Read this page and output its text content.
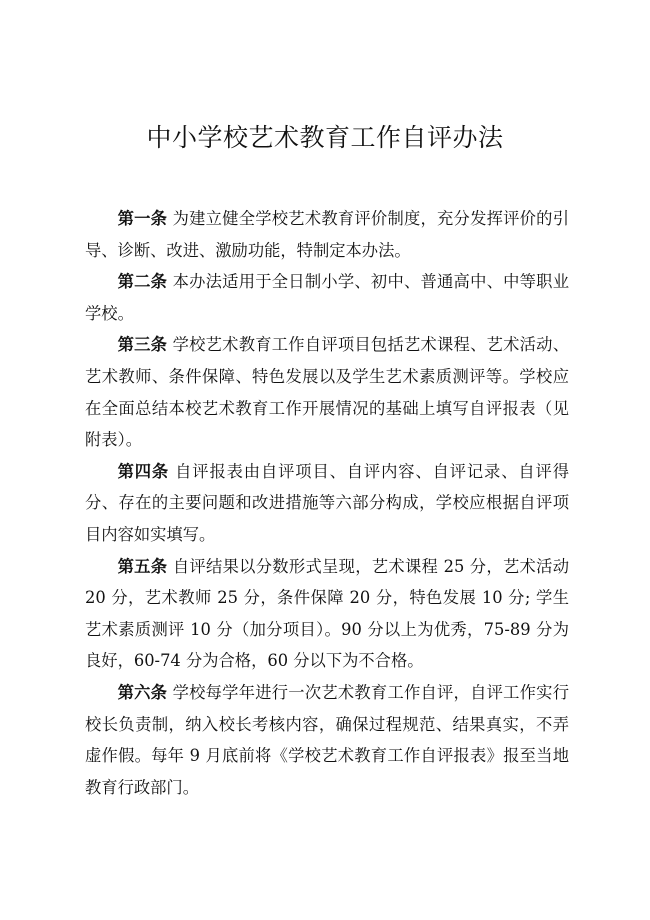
中小学校艺术教育工作自评办法

第一条 为建立健全学校艺术教育评价制度，充分发挥评价的引导、诊断、改进、激励功能，特制定本办法。

第二条 本办法适用于全日制小学、初中、普通高中、中等职业学校。

第三条 学校艺术教育工作自评项目包括艺术课程、艺术活动、艺术教师、条件保障、特色发展以及学生艺术素质测评等。学校应在全面总结本校艺术教育工作开展情况的基础上填写自评报表（见附表）。

第四条 自评报表由自评项目、自评内容、自评记录、自评得分、存在的主要问题和改进措施等六部分构成，学校应根据自评项目内容如实填写。

第五条 自评结果以分数形式呈现，艺术课程 25 分，艺术活动 20 分，艺术教师 25 分，条件保障 20 分，特色发展 10 分; 学生艺术素质测评 10 分（加分项目）。90 分以上为优秀，75-89 分为良好，60-74 分为合格，60 分以下为不合格。

第六条 学校每学年进行一次艺术教育工作自评，自评工作实行校长负责制，纳入校长考核内容，确保过程规范、结果真实，不弄虚作假。每年 9 月底前将《学校艺术教育工作自评报表》报至当地教育行政部门。
